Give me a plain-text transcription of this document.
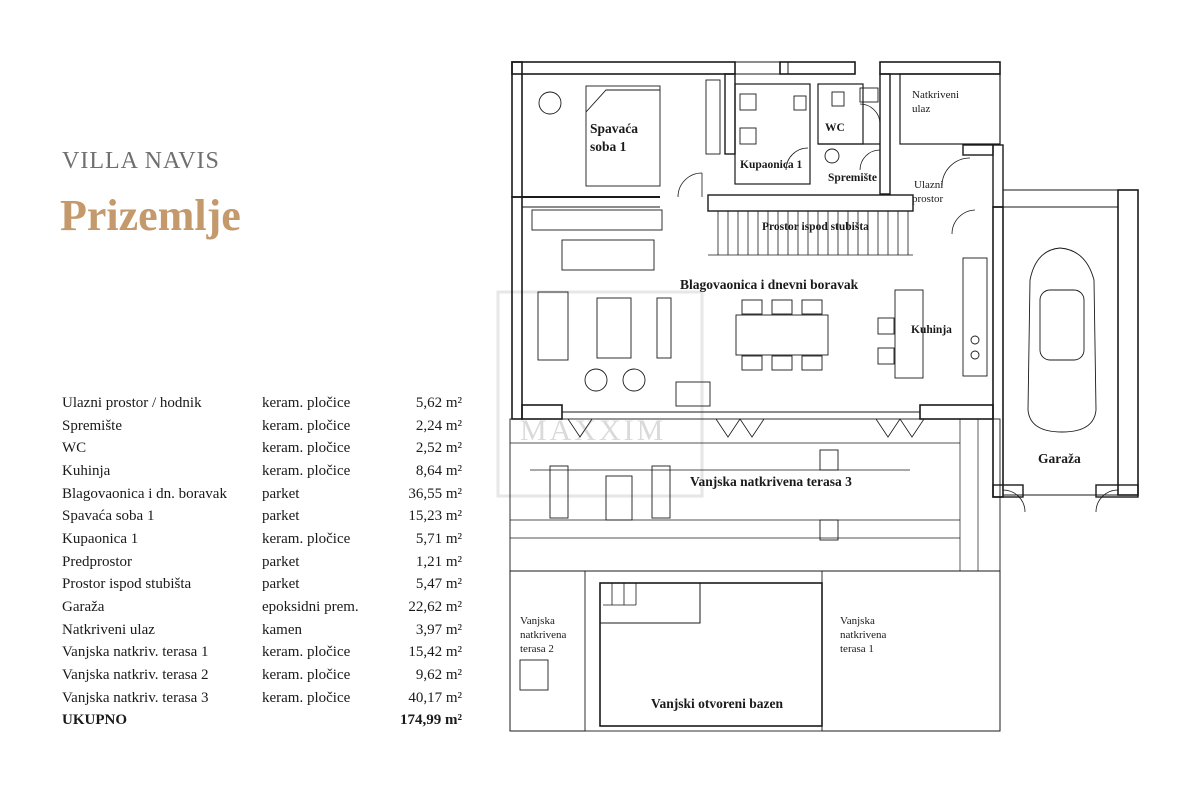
VILLA NAVIS
Prizemlje
Ulazni prostor / hodnik	keram. pločice	5,62 m²
Spremište	keram. pločice	2,24 m²
WC	keram. pločice	2,52 m²
Kuhinja	keram. pločice	8,64 m²
Blagovaonica i dn. boravak	parket	36,55 m²
Spavaća soba 1	parket	15,23 m²
Kupaonica 1	keram. pločice	5,71 m²
Predprostor	parket	1,21 m²
Prostor ispod stubišta	parket	5,47 m²
Garaža	epoksidni prem.	22,62 m²
Natkriveni ulaz	kamen	3,97 m²
Vanjska natkriv. terasa 1	keram. pločice	15,42 m²
Vanjska natkriv. terasa 2	keram. pločice	9,62 m²
Vanjska natkriv. terasa 3	keram. pločice	40,17 m²
UKUPNO		174,99 m²
MAXXIM
Spavaća
soba 1
WC
Natkriveni
ulaz
Kupaonica 1
Spremište
Ulazni
prostor
Prostor ispod stubišta
Blagovaonica i dnevni boravak
Kuhinja
Garaža
Vanjska natkrivena terasa 3
Vanjska
natkrivena
terasa 2
Vanjska
natkrivena
terasa 1
Vanjski otvoreni bazen
